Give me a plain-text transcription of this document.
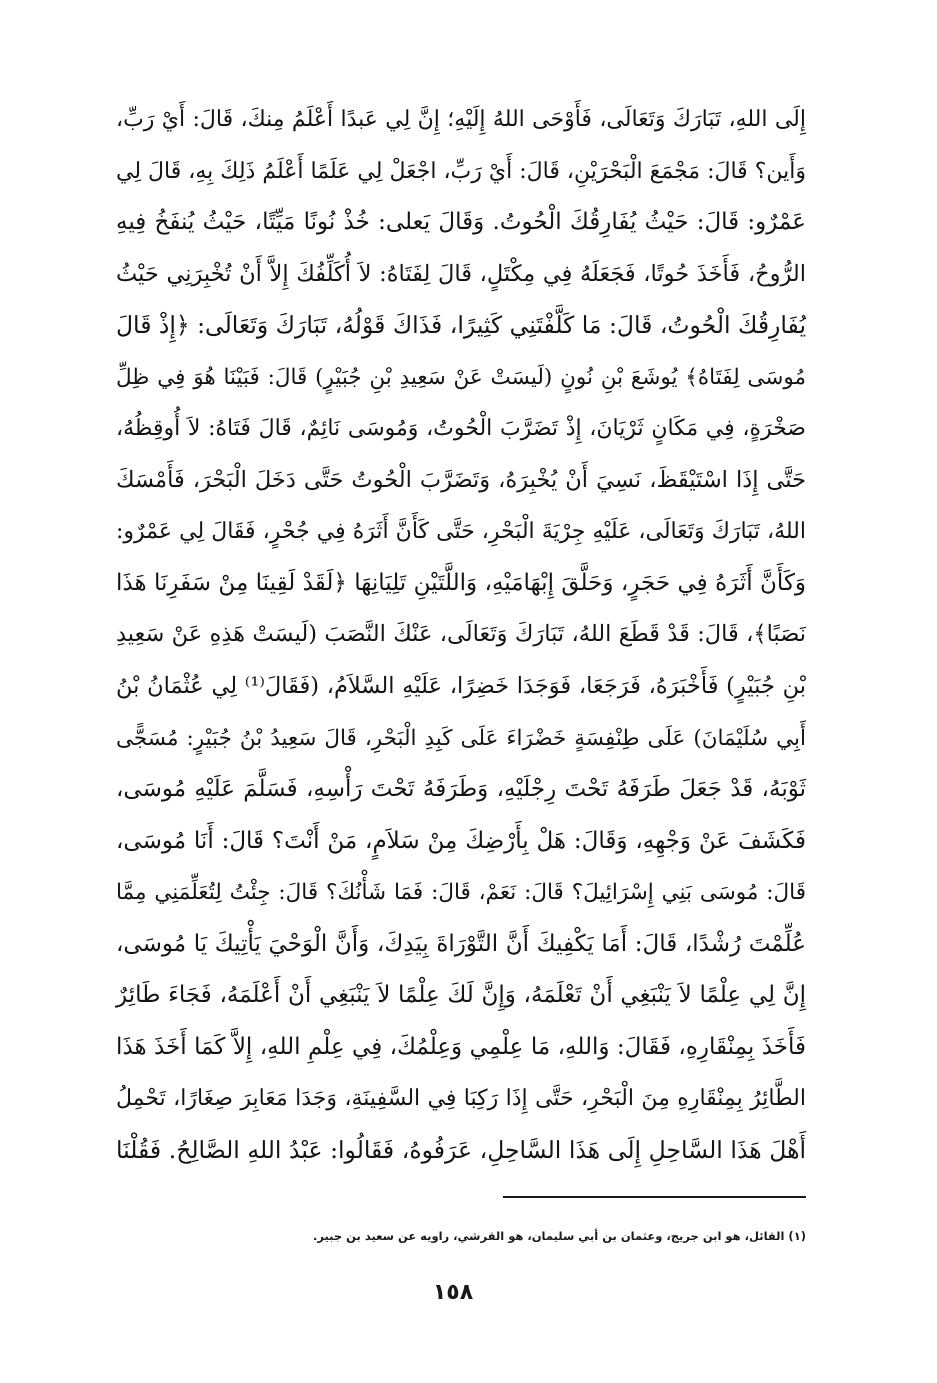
إِلَى اللهِ، تَبَارَكَ وَتَعَالَى، فَأَوْحَى اللهُ إِلَيْهِ؛ إِنَّ لِي عَبدًا أَعْلَمُ مِنكَ، قَالَ: أَيْ رَبِّ،
وَأَين؟ قَالَ: مَجْمَعَ الْبَحْرَيْنِ، قَالَ: أَيْ رَبِّ، اجْعَلْ لِي عَلَمًا أَعْلَمُ ذَلِكَ بِهِ، قَالَ لِي
عَمْرٌو: قَالَ: حَيْثُ يُفَارِقُكَ الْحُوتُ. وَقَالَ يَعلى: خُذْ نُونًا مَيِّتًا، حَيْثُ يُنفَخُ فِيهِ
الرُّوحُ، فَأَخَذَ حُوتًا، فَجَعَلَهُ فِي مِكْتَلٍ، قَالَ لِفَتَاهُ: لاَ أُكَلِّفُكَ إِلاَّ أَنْ تُخْبِرَنِي حَيْثُ
يُفَارِقُكَ الْحُوتُ، قَالَ: مَا كَلَّفْتَنِي كَثِيرًا، فَذَاكَ قَوْلُهُ، تَبَارَكَ وَتَعَالَى: ﴿إِذْ قَالَ
مُوسَى لِفَتَاهُ﴾ يُوشَعَ بْنِ نُونٍ (لَيسَتْ عَنْ سَعِيدِ بْنِ جُبَيْرٍ) قَالَ: فَبَيْنَا هُوَ فِي ظِلِّ
صَخْرَةٍ، فِي مَكَانٍ ثَرْيَانَ، إِذْ تَضَرَّبَ الْحُوتُ، وَمُوسَى نَائِمٌ، قَالَ فَتَاهُ: لاَ أُوقِظُهُ،
حَتَّى إِذَا اسْتَيْقَظَ، نَسِيَ أَنْ يُخْبِرَهُ، وَتَضَرَّبَ الْحُوتُ حَتَّى دَخَلَ الْبَحْرَ، فَأَمْسَكَ
اللهُ، تَبَارَكَ وَتَعَالَى، عَلَيْهِ جِرْيَةَ الْبَحْرِ، حَتَّى كَأَنَّ أَثَرَهُ فِي جُحْرٍ، فَقَالَ لِي عَمْرٌو:
وَكَأَنَّ أَثَرَهُ فِي حَجَرٍ، وَحَلَّقَ إِبْهَامَيْهِ، وَاللَّتَيْنِ تَلِيَانِهَا ﴿لَقَدْ لَقِينَا مِنْ سَفَرِنَا هَذَا
نَصَبًا﴾، قَالَ: قَدْ قَطَعَ اللهُ، تَبَارَكَ وَتَعَالَى، عَنْكَ النَّصَبَ (لَيسَتْ هَذِهِ عَنْ سَعِيدِ
بْنِ جُبَيْرٍ) فَأَخْبَرَهُ، فَرَجَعَا، فَوَجَدَا خَضِرًا، عَلَيْهِ السَّلاَمُ، (فَقَالَ⁽¹⁾ لِي عُثْمَانُ بْنُ
أَبِي سُلَيْمَانَ) عَلَى طِنْفِسَةٍ خَضْرَاءَ عَلَى كَبِدِ الْبَحْرِ، قَالَ سَعِيدُ بْنُ جُبَيْرٍ: مُسَجًّى
ثَوْبَهُ، قَدْ جَعَلَ طَرَفَهُ تَحْتَ رِجْلَيْهِ، وَطَرَفَهُ تَحْتَ رَأْسِهِ، فَسَلَّمَ عَلَيْهِ مُوسَى،
فَكَشَفَ عَنْ وَجْهِهِ، وَقَالَ: هَلْ بِأَرْضِكَ مِنْ سَلاَمٍ، مَنْ أَنْتَ؟ قَالَ: أَنَا مُوسَى،
قَالَ: مُوسَى بَنِي إِسْرَائِيلَ؟ قَالَ: نَعَمْ، قَالَ: فَمَا شَأْنُكَ؟ قَالَ: جِئْتُ لِتُعَلِّمَنِي مِمَّا
عُلِّمْتَ رُشْدًا، قَالَ: أَمَا يَكْفِيكَ أَنَّ التَّوْرَاةَ بِيَدِكَ، وَأَنَّ الْوَحْيَ يَأْتِيكَ يَا مُوسَى،
إِنَّ لِي عِلْمًا لاَ يَنْبَغِي أَنْ تَعْلَمَهُ، وَإِنَّ لَكَ عِلْمًا لاَ يَنْبَغِي أَنْ أَعْلَمَهُ، فَجَاءَ طَائِرٌ
فَأَخَذَ بِمِنْقَارِهِ، فَقَالَ: وَاللهِ، مَا عِلْمِي وَعِلْمُكَ، فِي عِلْمِ اللهِ، إِلاَّ كَمَا أَخَذَ هَذَا
الطَّائِرُ بِمِنْقَارِهِ مِنَ الْبَحْرِ، حَتَّى إِذَا رَكِبَا فِي السَّفِينَةِ، وَجَدَا مَعَابِرَ صِغَارًا، تَحْمِلُ
أَهْلَ هَذَا السَّاحِلِ إِلَى هَذَا السَّاحِلِ، عَرَفُوهُ، فَقَالُوا: عَبْدُ اللهِ الصَّالِحُ. فَقُلْنَا
(١) القائل، هو ابن جريج، وعثمان بن أبي سليمان، هو القرشي، راويه عن سعيد بن جبير.
١٥٨
